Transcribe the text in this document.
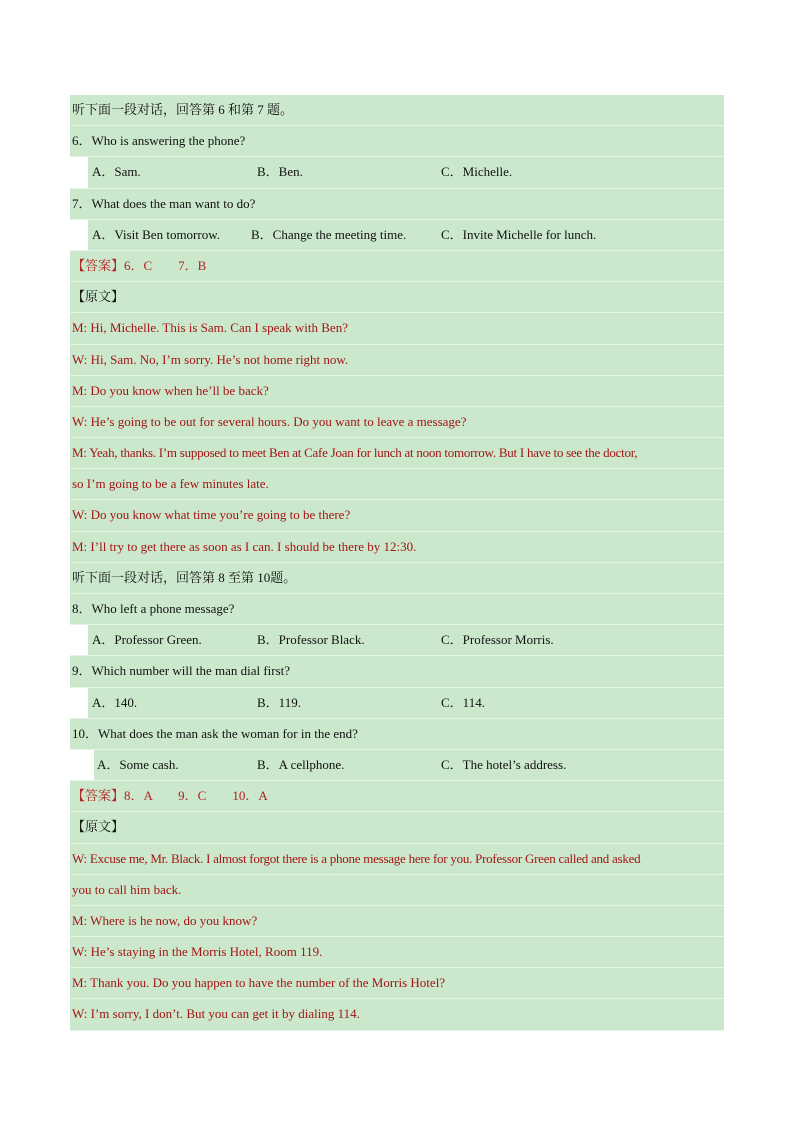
听下面一段对话，回答第 6 和第 7 题。
6．Who is answering the phone?
A．Sam.	B．Ben.	C．Michelle.
7．What does the man want to do?
A．Visit Ben tomorrow. B．Change the meeting time.	C．Invite Michelle for lunch.
【答案】6．C　　7．B
【原文】
M: Hi, Michelle. This is Sam. Can I speak with Ben?
W: Hi, Sam. No, I’m sorry. He’s not home right now.
M: Do you know when he’ll be back?
W: He’s going to be out for several hours. Do you want to leave a message?
M: Yeah, thanks. I’m supposed to meet Ben at Cafe Joan for lunch at noon tomorrow. But I have to see the doctor,
so I’m going to be a few minutes late.
W: Do you know what time you’re going to be there?
M: I’ll try to get there as soon as I can. I should be there by 12:30.
听下面一段对话，回答第 8 至第 10题。
8．Who left a phone message?
A．Professor Green.	B．Professor Black.	C．Professor Morris.
9．Which number will the man dial first?
A．140.	B．119.	C．114.
10．What does the man ask the woman for in the end?
A．Some cash.	B．A cellphone.	C．The hotel’s address.
【答案】8．A　　9．C　　10．A
【原文】
W: Excuse me, Mr. Black. I almost forgot there is a phone message here for you. Professor Green called and asked
you to call him back.
M: Where is he now, do you know?
W: He’s staying in the Morris Hotel, Room 119.
M: Thank you. Do you happen to have the number of the Morris Hotel?
W: I’m sorry, I don’t. But you can get it by dialing 114.
